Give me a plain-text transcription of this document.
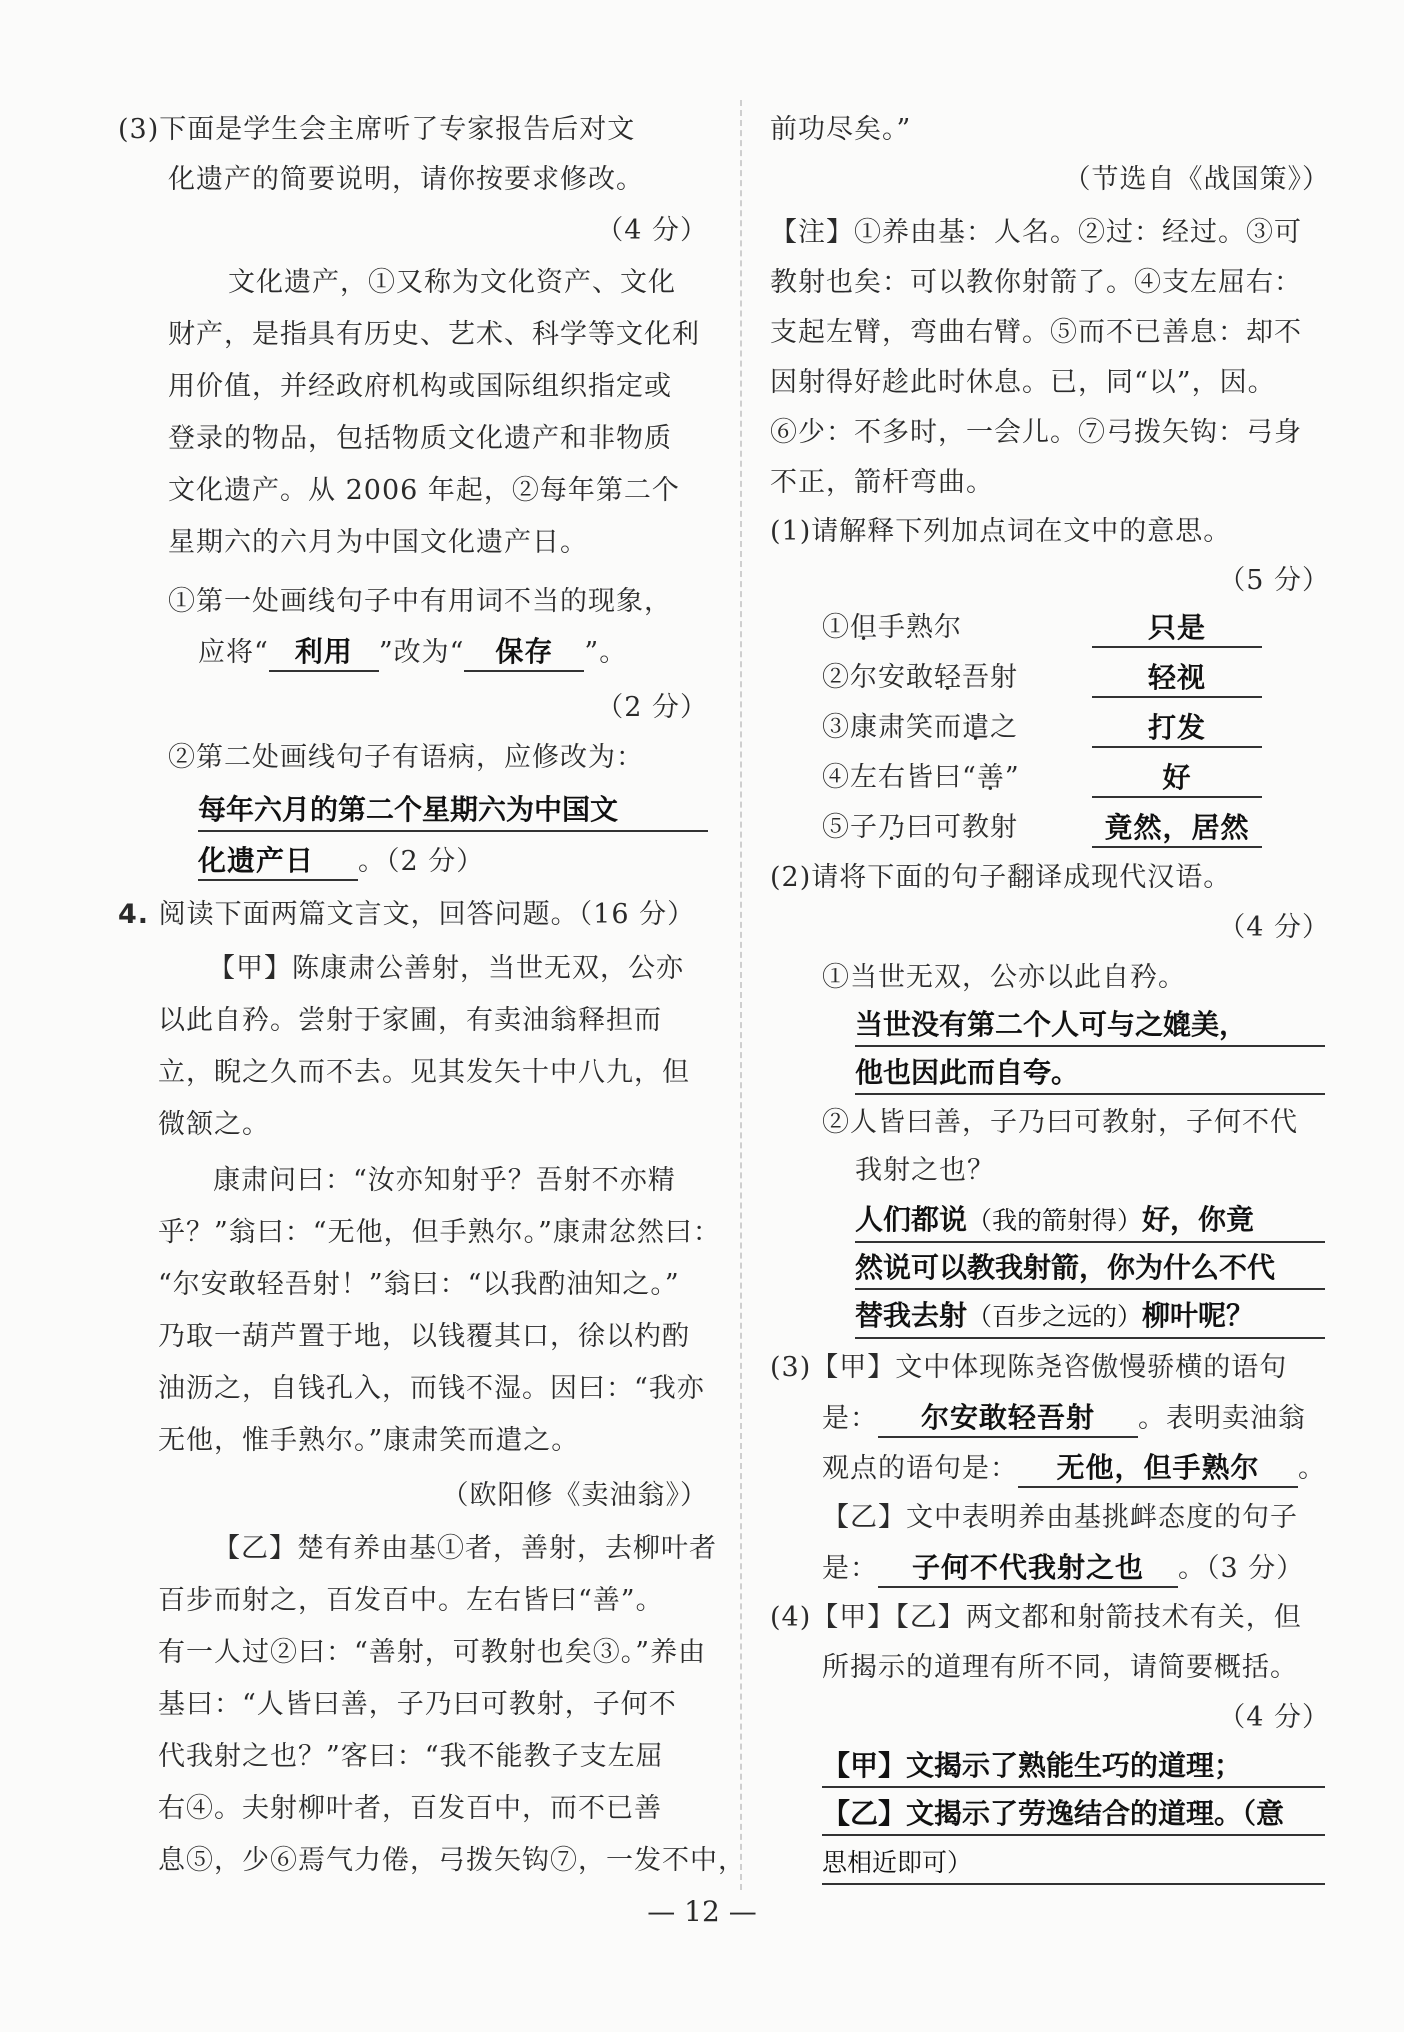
(3)下面是学生会主席听了专家报告后对文
化遗产的简要说明，请你按要求修改。
（4 分）
文化遗产，①又称为文化资产、文化
财产，是指具有历史、艺术、科学等文化利
用价值，并经政府机构或国际组织指定或
登录的物品，包括物质文化遗产和非物质
文化遗产。从 2006 年起，②每年第二个
星期六的六月为中国文化遗产日。
①第一处画线句子中有用词不当的现象，
应将“ 利用 ”改为“ 保存 ”。
（2 分）
②第二处画线句子有语病，应修改为：
每年六月的第二个星期六为中国文
化遗产日 。（2 分）
4. 阅读下面两篇文言文，回答问题。（16 分）
【甲】陈康肃公善射，当世无双，公亦
以此自矜。尝射于家圃，有卖油翁释担而
立，睨之久而不去。见其发矢十中八九，但
微颔之。
康肃问曰：“汝亦知射乎？吾射不亦精
乎？”翁曰：“无他，但手熟尔。”康肃忿然曰：
“尔安敢轻吾射！”翁曰：“以我酌油知之。”
乃取一葫芦置于地，以钱覆其口，徐以杓酌
油沥之，自钱孔入，而钱不湿。因曰：“我亦
无他，惟手熟尔。”康肃笑而遣之。
（欧阳修《卖油翁》）
【乙】楚有养由基①者，善射，去柳叶者
百步而射之，百发百中。左右皆曰“善”。
有一人过②曰：“善射，可教射也矣③。”养由
基曰：“人皆曰善，子乃曰可教射，子何不
代我射之也？”客曰：“我不能教子支左屈
右④。夫射柳叶者，百发百中，而不已善
息⑤，少⑥焉气力倦，弓拨矢钩⑦，一发不中，
前功尽矣。”
（节选自《战国策》）
【注】①养由基：人名。②过：经过。③可
教射也矣：可以教你射箭了。④支左屈右：
支起左臂，弯曲右臂。⑤而不已善息：却不
因射得好趁此时休息。已，同“以”，因。
⑥少：不多时，一会儿。⑦弓拨矢钩：弓身
不正，箭杆弯曲。
(1)请解释下列加点词在文中的意思。
（5 分）
①但手熟尔	只是
②尔安敢轻吾射	轻视
③康肃笑而遣之	打发
④左右皆曰“善”	好
⑤子乃曰可教射	竟然，居然
(2)请将下面的句子翻译成现代汉语。
（4 分）
①当世无双，公亦以此自矜。
当世没有第二个人可与之媲美，
他也因此而自夸。
②人皆曰善，子乃曰可教射，子何不代
我射之也？
人们都说（我的箭射得）好，你竟
然说可以教我射箭，你为什么不代
替我去射（百步之远的）柳叶呢？
(3)【甲】文中体现陈尧咨傲慢骄横的语句
是： 尔安敢轻吾射 。表明卖油翁
观点的语句是： 无他，但手熟尔 。
【乙】文中表明养由基挑衅态度的句子
是： 子何不代我射之也 。（3 分）
(4)【甲】【乙】两文都和射箭技术有关，但
所揭示的道理有所不同，请简要概括。
（4 分）
【甲】文揭示了熟能生巧的道理；
【乙】文揭示了劳逸结合的道理。（意
思相近即可）
— 12 —
